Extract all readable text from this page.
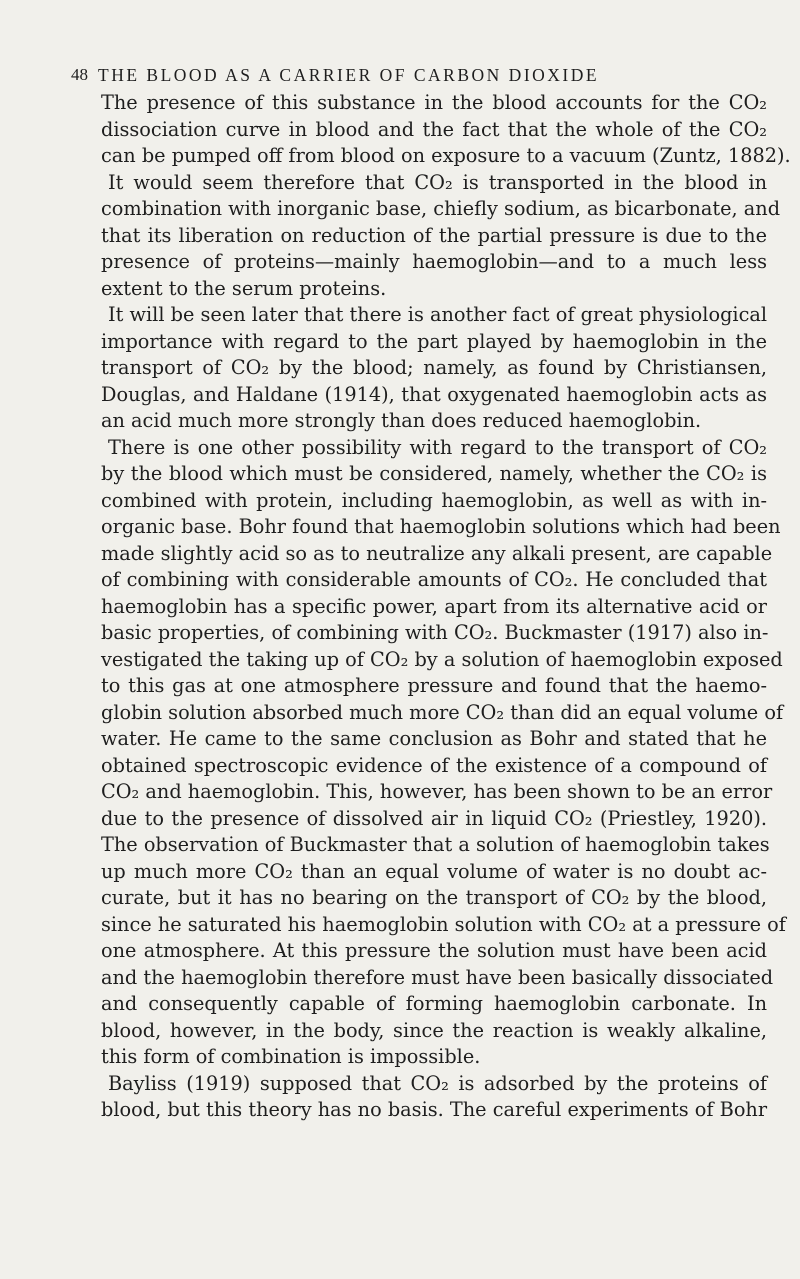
48 THE BLOOD AS A CARRIER OF CARBON DIOXIDE
The presence of this substance in the blood accounts for the CO₂
dissociation curve in blood and the fact that the whole of the CO₂
can be pumped off from blood on exposure to a vacuum (Zuntz, 1882).
It would seem therefore that CO₂ is transported in the blood in
combination with inorganic base, chiefly sodium, as bicarbonate, and
that its liberation on reduction of the partial pressure is due to the
presence of proteins—mainly haemoglobin—and to a much less
extent to the serum proteins.
It will be seen later that there is another fact of great physiological
importance with regard to the part played by haemoglobin in the
transport of CO₂ by the blood; namely, as found by Christiansen,
Douglas, and Haldane (1914), that oxygenated haemoglobin acts as
an acid much more strongly than does reduced haemoglobin.
There is one other possibility with regard to the transport of CO₂
by the blood which must be considered, namely, whether the CO₂ is
combined with protein, including haemoglobin, as well as with in-
organic base. Bohr found that haemoglobin solutions which had been
made slightly acid so as to neutralize any alkali present, are capable
of combining with considerable amounts of CO₂. He concluded that
haemoglobin has a specific power, apart from its alternative acid or
basic properties, of combining with CO₂. Buckmaster (1917) also in-
vestigated the taking up of CO₂ by a solution of haemoglobin exposed
to this gas at one atmosphere pressure and found that the haemo-
globin solution absorbed much more CO₂ than did an equal volume of
water. He came to the same conclusion as Bohr and stated that he
obtained spectroscopic evidence of the existence of a compound of
CO₂ and haemoglobin. This, however, has been shown to be an error
due to the presence of dissolved air in liquid CO₂ (Priestley, 1920).
The observation of Buckmaster that a solution of haemoglobin takes
up much more CO₂ than an equal volume of water is no doubt ac-
curate, but it has no bearing on the transport of CO₂ by the blood,
since he saturated his haemoglobin solution with CO₂ at a pressure of
one atmosphere. At this pressure the solution must have been acid
and the haemoglobin therefore must have been basically dissociated
and consequently capable of forming haemoglobin carbonate. In
blood, however, in the body, since the reaction is weakly alkaline,
this form of combination is impossible.
Bayliss (1919) supposed that CO₂ is adsorbed by the proteins of
blood, but this theory has no basis. The careful experiments of Bohr
